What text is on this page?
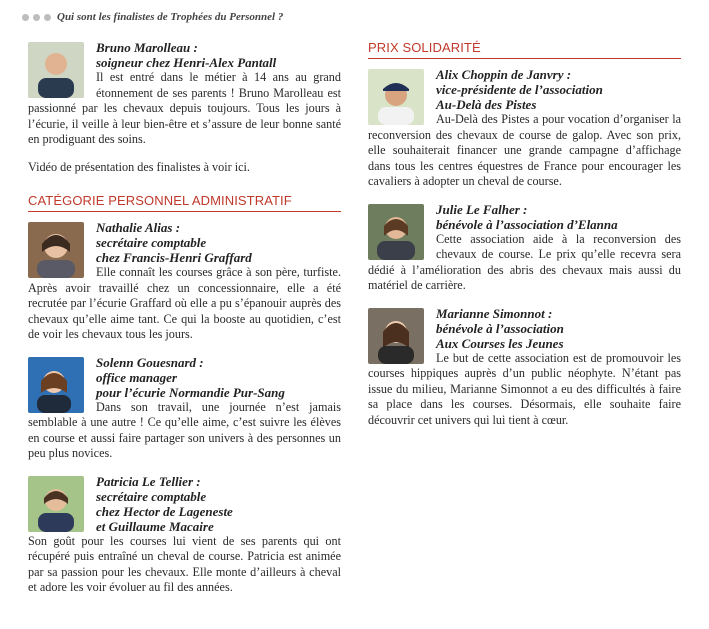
Qui sont les finalistes de Trophées du Personnel ?
Bruno Marolleau :
soigneur chez Henri-Alex Pantall
Il est entré dans le métier à 14 ans au grand étonnement de ses parents ! Bruno Marolleau est passionné par les chevaux depuis toujours. Tous les jours à l’écurie, il veille à leur bien-être et s’assure de leur bonne santé en prodiguant des soins.
Vidéo de présentation des finalistes à voir ici.
CATÉGORIE PERSONNEL ADMINISTRATIF
Nathalie Alias :
secrétaire comptable
chez Francis-Henri Graffard
Elle connaît les courses grâce à son père, turfiste. Après avoir travaillé chez un concessionnaire, elle a été recrutée par l’écurie Graffard où elle a pu s’épanouir auprès des chevaux qu’elle aime tant. Ce qui la booste au quotidien, c’est de voir les chevaux tous les jours.
Solenn Gouesnard :
office manager
pour l’écurie Normandie Pur-Sang
Dans son travail, une journée n’est jamais semblable à une autre ! Ce qu’elle aime, c’est suivre les élèves en course et aussi faire partager son univers à des personnes un peu plus novices.
Patricia Le Tellier :
secrétaire comptable
chez Hector de Lageneste
et Guillaume Macaire
Son goût pour les courses lui vient de ses parents qui ont récupéré puis entraîné un cheval de course. Patricia est animée par sa passion pour les chevaux. Elle monte d’ailleurs à cheval et adore les voir évoluer au fil des années.
PRIX SOLIDARITÉ
Alix Choppin de Janvry :
vice-présidente de l’association
Au-Delà des Pistes
Au-Delà des Pistes a pour vocation d’organiser la reconversion des chevaux de course de galop. Avec son prix, elle souhaiterait financer une grande campagne d’affichage dans tous les centres équestres de France pour encourager les cavaliers à adopter un cheval de course.
Julie Le Falher :
bénévole à l’association d’Elanna
Cette association aide à la reconversion des chevaux de course. Le prix qu’elle recevra sera dédié à l’amélioration des abris des chevaux mais aussi du matériel de carrière.
Marianne Simonnot :
bénévole à l’association
Aux Courses les Jeunes
Le but de cette association est de promouvoir les courses hippiques auprès d’un public néophyte. N’étant pas issue du milieu, Marianne Simonnot a eu des difficultés à faire sa place dans les courses. Désormais, elle souhaite faire découvrir cet univers qui lui tient à cœur.
